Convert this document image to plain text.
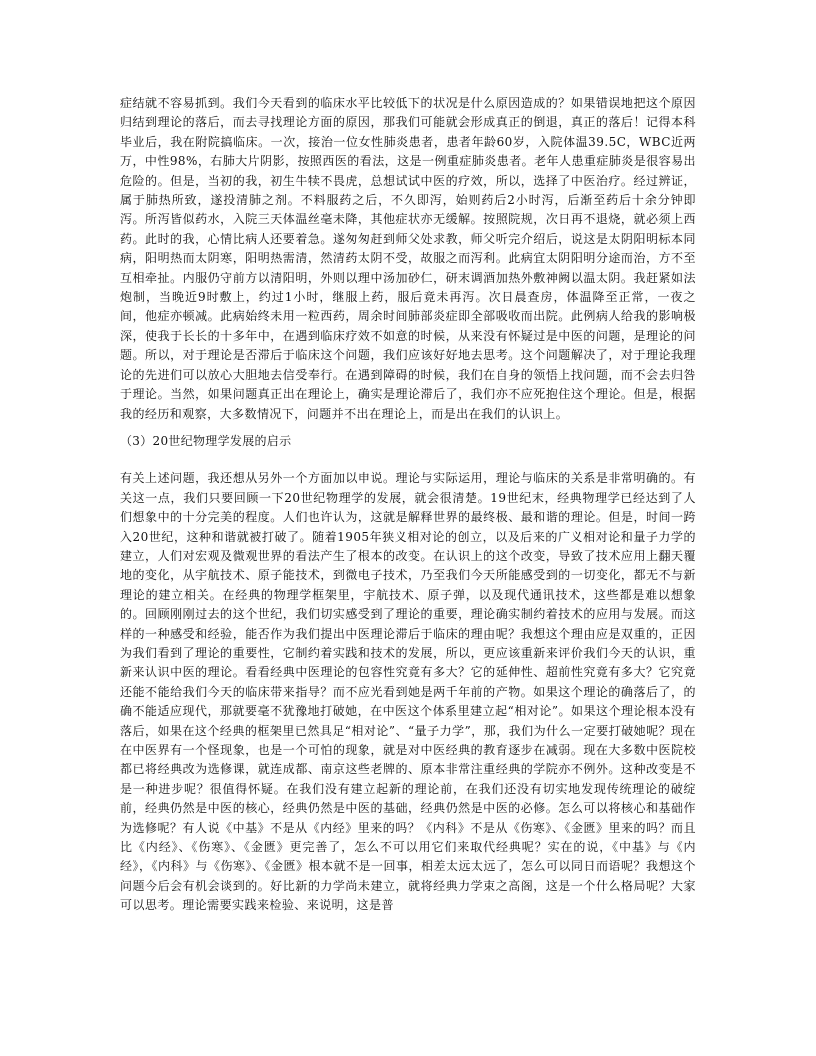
症结就不容易抓到。我们今天看到的临床水平比较低下的状况是什么原因造成的？如果错误地把这个原因归结到理论的落后，而去寻找理论方面的原因，那我们可能就会形成真正的倒退，真正的落后！记得本科毕业后，我在附院搞临床。一次，接治一位女性肺炎患者，患者年龄60岁，入院体温39.5C，WBC近两万，中性98%，右肺大片阴影，按照西医的看法，这是一例重症肺炎患者。老年人患重症肺炎是很容易出危险的。但是，当初的我，初生牛犊不畏虎，总想试试中医的疗效，所以，选择了中医治疗。经过辨证，属于肺热所致，遂投清肺之剂。不料服药之后，不久即泻，始则药后2小时泻，后渐至药后十余分钟即泻。所泻皆似药水，入院三天体温丝毫未降，其他症状亦无缓解。按照院规，次日再不退烧，就必须上西药。此时的我，心情比病人还要着急。遂匆匆赶到师父处求教，师父听完介绍后，说这是太阴阳明标本同病，阳明热而太阴寒，阳明热需清，然清药太阴不受，故服之而泻利。此病宜太阴阳明分途而治，方不至互相牵扯。内服仍守前方以清阳明，外则以理中汤加砂仁，研末调酒加热外敷神阙以温太阴。我赶紧如法炮制，当晚近9时敷上，约过1小时，继服上药，服后竟未再泻。次日晨查房，体温降至正常，一夜之间，他症亦顿减。此病始终未用一粒西药，周余时间肺部炎症即全部吸收而出院。此例病人给我的影响极深，使我于长长的十多年中，在遇到临床疗效不如意的时候，从来没有怀疑过是中医的问题，是理论的问题。所以，对于理论是否滞后于临床这个问题，我们应该好好地去思考。这个问题解决了，对于理论我理论的先进们可以放心大胆地去信受奉行。在遇到障碍的时候，我们在自身的领悟上找问题，而不会去归咎于理论。当然，如果问题真正出在理论上，确实是理论滞后了，我们亦不应死抱住这个理论。但是，根据我的经历和观察，大多数情况下，问题并不出在理论上，而是出在我们的认识上。

（3）20世纪物理学发展的启示

有关上述问题，我还想从另外一个方面加以申说。理论与实际运用，理论与临床的关系是非常明确的。有关这一点，我们只要回顾一下20世纪物理学的发展，就会很清楚。19世纪末，经典物理学已经达到了人们想象中的十分完美的程度。人们也许认为，这就是解释世界的最终极、最和谐的理论。但是，时间一跨入20世纪，这种和谐就被打破了。随着1905年狭义相对论的创立，以及后来的广义相对论和量子力学的建立，人们对宏观及微观世界的看法产生了根本的改变。在认识上的这个改变，导致了技术应用上翻天覆地的变化，从宇航技术、原子能技术，到微电子技术，乃至我们今天所能感受到的一切变化，都无不与新理论的建立相关。在经典的物理学框架里，宇航技术、原子弹，以及现代通讯技术，这些都是难以想象的。回顾刚刚过去的这个世纪，我们切实感受到了理论的重要，理论确实制约着技术的应用与发展。而这样的一种感受和经验，能否作为我们提出中医理论滞后于临床的理由呢？我想这个理由应是双重的，正因为我们看到了理论的重要性，它制约着实践和技术的发展，所以，更应该重新来评价我们今天的认识，重新来认识中医的理论。看看经典中医理论的包容性究竟有多大？它的延伸性、超前性究竟有多大？它究竟还能不能给我们今天的临床带来指导？而不应光看到她是两千年前的产物。如果这个理论的确落后了，的确不能适应现代，那就要毫不犹豫地打破她，在中医这个体系里建立起“相对论”。如果这个理论根本没有落后，如果在这个经典的框架里已然具足“相对论”、“量子力学”，那，我们为什么一定要打破她呢？现在在中医界有一个怪现象，也是一个可怕的现象，就是对中医经典的教育逐步在减弱。现在大多数中医院校都已将经典改为选修课，就连成都、南京这些老牌的、原本非常注重经典的学院亦不例外。这种改变是不是一种进步呢？很值得怀疑。在我们没有建立起新的理论前，在我们还没有切实地发现传统理论的破绽前，经典仍然是中医的核心，经典仍然是中医的基础，经典仍然是中医的必修。怎么可以将核心和基础作为选修呢？有人说《中基》不是从《内经》里来的吗？《内科》不是从《伤寒》、《金匮》里来的吗？而且比《内经》、《伤寒》、《金匮》更完善了，怎么不可以用它们来取代经典呢？实在的说，《中基》与《内经》，《内科》与《伤寒》、《金匮》根本就不是一回事，相差太远太远了，怎么可以同日而语呢？我想这个问题今后会有机会谈到的。好比新的力学尚未建立，就将经典力学束之高阁，这是一个什么格局呢？大家可以思考。理论需要实践来检验、来说明，这是普
